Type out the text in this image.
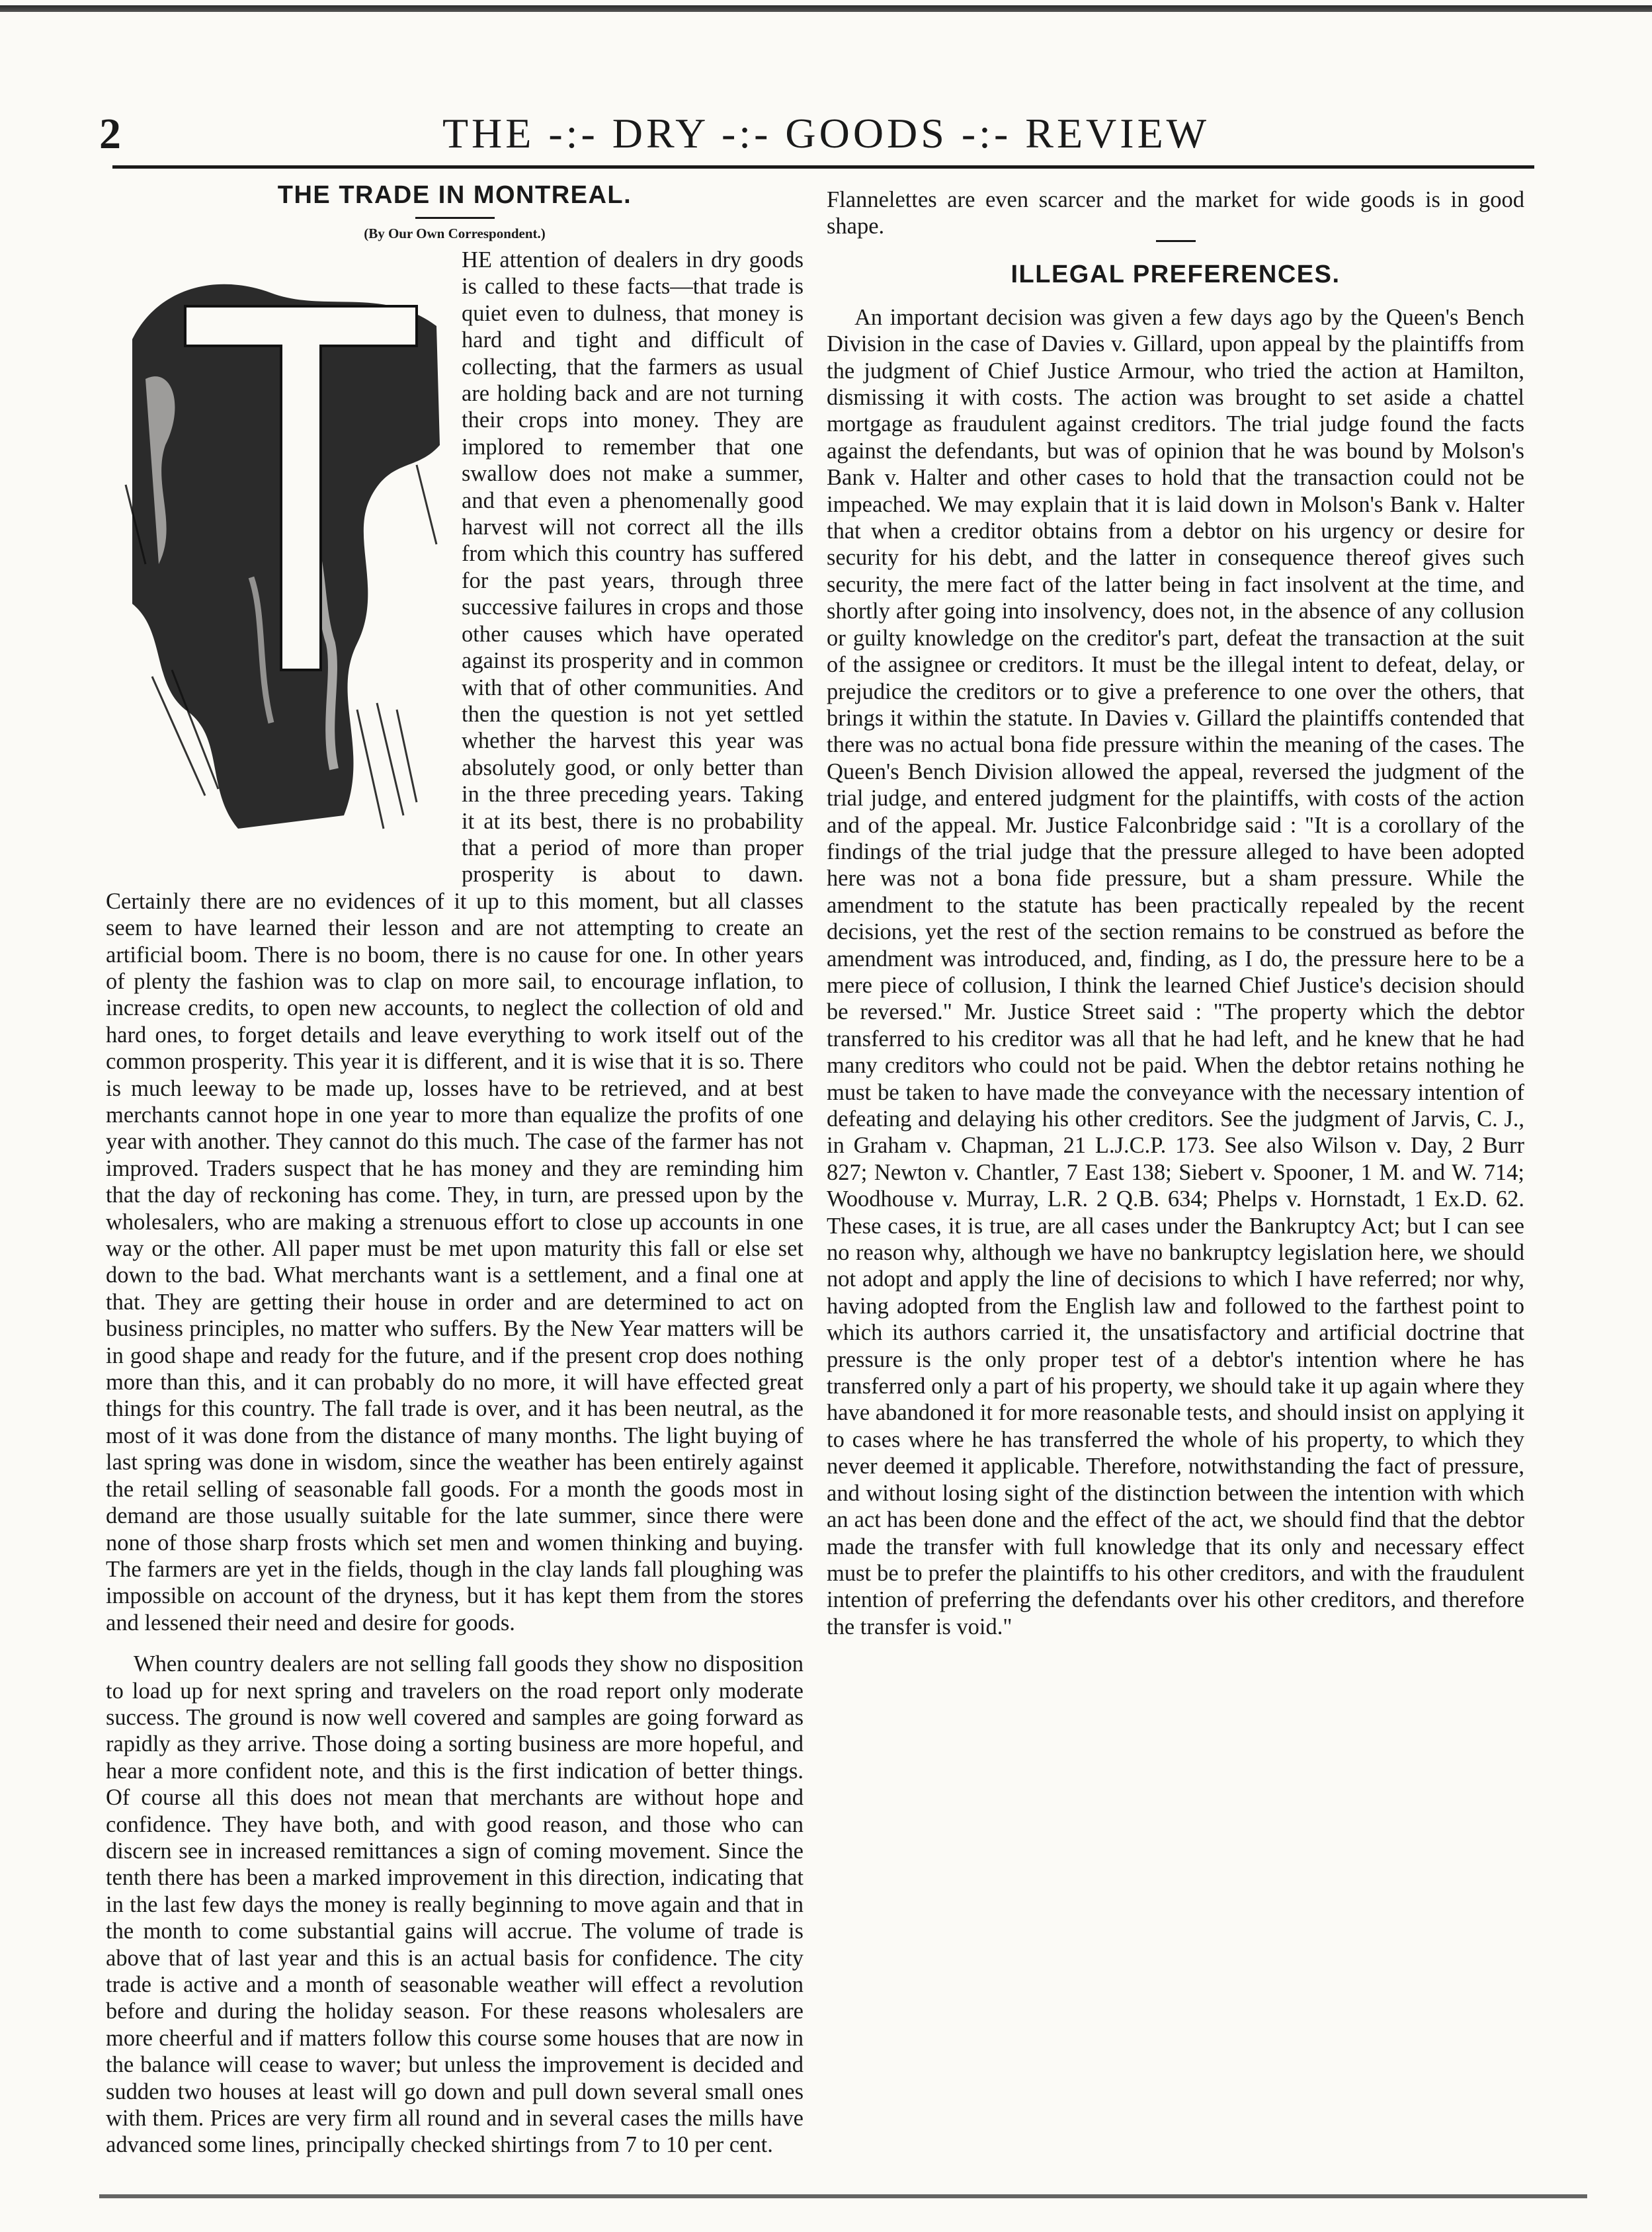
2	THE -:- DRY -:- GOODS -:- REVIEW
THE TRADE IN MONTREAL.
(By Our Own Correspondent.)

HE attention of dealers in dry goods is called to these facts—that trade is quiet even to dulness, that money is hard and tight and difficult of collecting, that the farmers as usual are holding back and are not turning their crops into money. They are implored to remember that one swallow does not make a summer, and that even a phenomenally good harvest will not correct all the ills from which this country has suffered for the past years, through three successive failures in crops and those other causes which have operated against its prosperity and in common with that of other communities. And then the question is not yet settled whether the harvest this year was absolutely good, or only better than in the three preceding years. Taking it at its best, there is no probability that a period of more than proper prosperity is about to dawn. Certainly there are no evidences of it up to this moment, but all classes seem to have learned their lesson and are not attempting to create an artificial boom. There is no boom, there is no cause for one. In other years of plenty the fashion was to clap on more sail, to encourage inflation, to increase credits, to open new accounts, to neglect the collection of old and hard ones, to forget details and leave everything to work itself out of the common prosperity. This year it is different, and it is wise that it is so. There is much leeway to be made up, losses have to be retrieved, and at best merchants cannot hope in one year to more than equalize the profits of one year with another. They cannot do this much. The case of the farmer has not improved. Traders suspect that he has money and they are reminding him that the day of reckoning has come. They, in turn, are pressed upon by the wholesalers, who are making a strenuous effort to close up accounts in one way or the other. All paper must be met upon maturity this fall or else set down to the bad. What merchants want is a settlement, and a final one at that. They are getting their house in order and are determined to act on business principles, no matter who suffers. By the New Year matters will be in good shape and ready for the future, and if the present crop does nothing more than this, and it can probably do no more, it will have effected great things for this country. The fall trade is over, and it has been neutral, as the most of it was done from the distance of many months. The light buying of last spring was done in wisdom, since the weather has been entirely against the retail selling of seasonable fall goods. For a month the goods most in demand are those usually suitable for the late summer, since there were none of those sharp frosts which set men and women thinking and buying. The farmers are yet in the fields, though in the clay lands fall ploughing was impossible on account of the dryness, but it has kept them from the stores and lessened their need and desire for goods.

When country dealers are not selling fall goods they show no disposition to load up for next spring and travelers on the road report only moderate success. The ground is now well covered and samples are going forward as rapidly as they arrive. Those doing a sorting business are more hopeful, and hear a more confident note, and this is the first indication of better things. Of course all this does not mean that merchants are without hope and confidence. They have both, and with good reason, and those who can discern see in increased remittances a sign of coming movement. Since the tenth there has been a marked improvement in this direction, indicating that in the last few days the money is really beginning to move again and that in the month to come substantial gains will accrue. The volume of trade is above that of last year and this is an actual basis for confidence. The city trade is active and a month of seasonable weather will effect a revolution before and during the holiday season. For these reasons wholesalers are more cheerful and if matters follow this course some houses that are now in the balance will cease to waver; but unless the improvement is decided and sudden two houses at least will go down and pull down several small ones with them. Prices are very firm all round and in several cases the mills have advanced some lines, principally checked shirtings from 7 to 10 per cent.

Flannelettes are even scarcer and the market for wide goods is in good shape.

ILLEGAL PREFERENCES.

An important decision was given a few days ago by the Queen's Bench Division in the case of Davies v. Gillard, upon appeal by the plaintiffs from the judgment of Chief Justice Armour, who tried the action at Hamilton, dismissing it with costs. The action was brought to set aside a chattel mortgage as fraudulent against creditors. The trial judge found the facts against the defendants, but was of opinion that he was bound by Molson's Bank v. Halter and other cases to hold that the transaction could not be impeached. We may explain that it is laid down in Molson's Bank v. Halter that when a creditor obtains from a debtor on his urgency or desire for security for his debt, and the latter in consequence thereof gives such security, the mere fact of the latter being in fact insolvent at the time, and shortly after going into insolvency, does not, in the absence of any collusion or guilty knowledge on the creditor's part, defeat the transaction at the suit of the assignee or creditors. It must be the illegal intent to defeat, delay, or prejudice the creditors or to give a preference to one over the others, that brings it within the statute. In Davies v. Gillard the plaintiffs contended that there was no actual bona fide pressure within the meaning of the cases. The Queen's Bench Division allowed the appeal, reversed the judgment of the trial judge, and entered judgment for the plaintiffs, with costs of the action and of the appeal. Mr. Justice Falconbridge said : "It is a corollary of the findings of the trial judge that the pressure alleged to have been adopted here was not a bona fide pressure, but a sham pressure. While the amendment to the statute has been practically repealed by the recent decisions, yet the rest of the section remains to be construed as before the amendment was introduced, and, finding, as I do, the pressure here to be a mere piece of collusion, I think the learned Chief Justice's decision should be reversed." Mr. Justice Street said : "The property which the debtor transferred to his creditor was all that he had left, and he knew that he had many creditors who could not be paid. When the debtor retains nothing he must be taken to have made the conveyance with the necessary intention of defeating and delaying his other creditors. See the judgment of Jarvis, C. J., in Graham v. Chapman, 21 L.J.C.P. 173. See also Wilson v. Day, 2 Burr 827; Newton v. Chantler, 7 East 138; Siebert v. Spooner, 1 M. and W. 714; Woodhouse v. Murray, L.R. 2 Q.B. 634; Phelps v. Hornstadt, 1 Ex.D. 62. These cases, it is true, are all cases under the Bankruptcy Act; but I can see no reason why, although we have no bankruptcy legislation here, we should not adopt and apply the line of decisions to which I have referred; nor why, having adopted from the English law and followed to the farthest point to which its authors carried it, the unsatisfactory and artificial doctrine that pressure is the only proper test of a debtor's intention where he has transferred only a part of his property, we should take it up again where they have abandoned it for more reasonable tests, and should insist on applying it to cases where he has transferred the whole of his property, to which they never deemed it applicable. Therefore, notwithstanding the fact of pressure, and without losing sight of the distinction between the intention with which an act has been done and the effect of the act, we should find that the debtor made the transfer with full knowledge that its only and necessary effect must be to prefer the plaintiffs to his other creditors, and with the fraudulent intention of preferring the defendants over his other creditors, and therefore the transfer is void."
